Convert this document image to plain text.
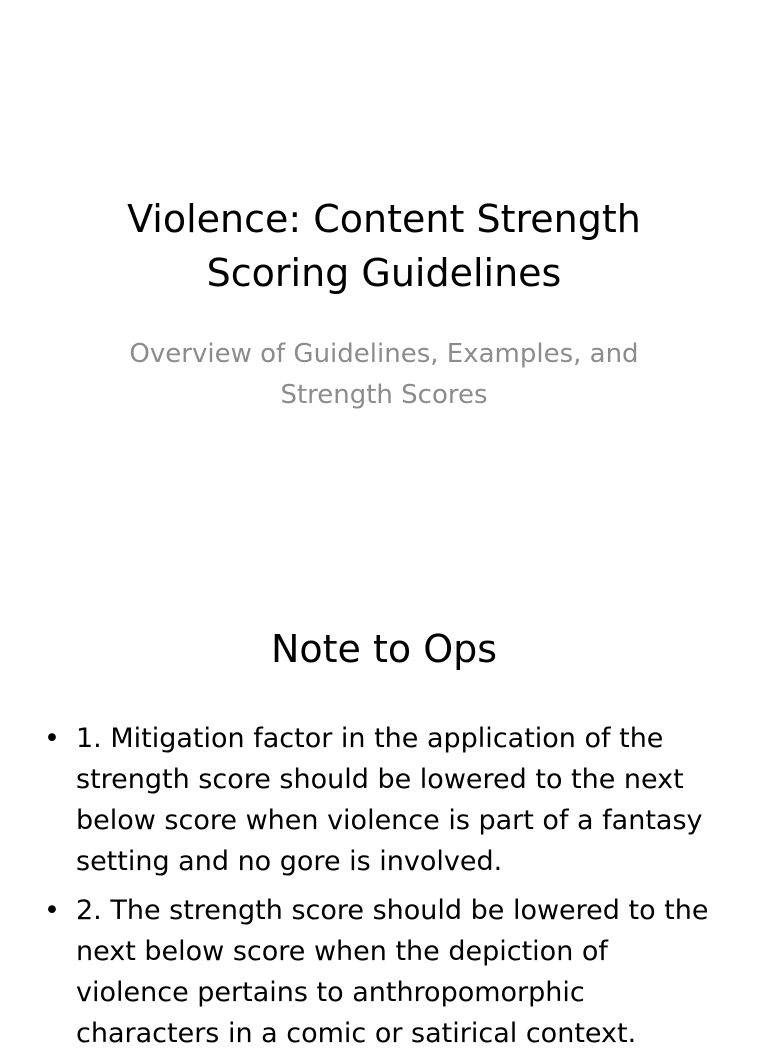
Violence: Content Strength Scoring Guidelines

Overview of Guidelines, Examples, and Strength Scores

Note to Ops
• 1. Mitigation factor in the application of the strength score should be lowered to the next below score when violence is part of a fantasy setting and no gore is involved.
• 2. The strength score should be lowered to the next below score when the depiction of violence pertains to anthropomorphic characters in a comic or satirical context.
